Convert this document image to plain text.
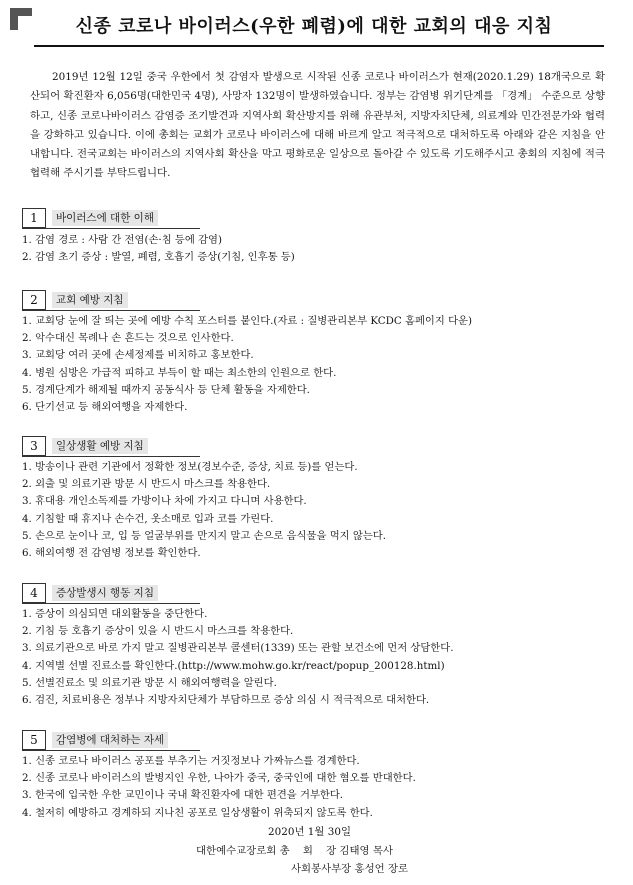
신종 코로나 바이러스(우한 폐렴)에 대한 교회의 대응 지침
2019년 12월 12일 중국 우한에서 첫 감염자 발생으로 시작된 신종 코로나 바이러스가 현재(2020.1.29) 18개국으로 확산되어 확진환자 6,056명(대한민국 4명), 사망자 132명이 발생하였습니다. 정부는 감염병 위기단계를 「경계」 수준으로 상향하고, 신종 코로나바이러스 감염증 조기발견과 지역사회 확산방지를 위해 유관부처, 지방자치단체, 의료계와 민간전문가와 협력을 강화하고 있습니다. 이에 총회는 교회가 코로나 바이러스에 대해 바르게 알고 적극적으로 대처하도록 아래와 같은 지침을 안내합니다. 전국교회는 바이러스의 지역사회 확산을 막고 평화로운 일상으로 돌아갈 수 있도록 기도해주시고 총회의 지침에 적극 협력해 주시기를 부탁드립니다.
1	바이러스에 대한 이해
1. 감염 경로 : 사람 간 전염(손·침 등에 감염)
2. 감염 초기 증상 : 발열, 폐렴, 호흡기 증상(기침, 인후통 등)
2	교회 예방 지침
1. 교회당 눈에 잘 띄는 곳에 예방 수칙 포스터를 붙인다.(자료 : 질병관리본부 KCDC 홈페이지 다운)
2. 악수대신 목례나 손 흔드는 것으로 인사한다.
3. 교회당 여러 곳에 손세정제를 비치하고 홍보한다.
4. 병원 심방은 가급적 피하고 부득이 할 때는 최소한의 인원으로 한다.
5. 경계단계가 해제될 때까지 공동식사 등 단체 활동을 자제한다.
6. 단기선교 등 해외여행을 자제한다.
3	일상생활 예방 지침
1. 방송이나 관련 기관에서 정확한 정보(경보수준, 증상, 치료 등)를 얻는다.
2. 외출 및 의료기관 방문 시 반드시 마스크를 착용한다.
3. 휴대용 개인소독제를 가방이나 차에 가지고 다니며 사용한다.
4. 기침할 때 휴지나 손수건, 옷소매로 입과 코를 가린다.
5. 손으로 눈이나 코, 입 등 얼굴부위를 만지지 말고 손으로 음식물을 먹지 않는다.
6. 해외여행 전 감염병 정보를 확인한다.
4	증상발생시 행동 지침
1. 증상이 의심되면 대외활동을 중단한다.
2. 기침 등 호흡기 증상이 있을 시 반드시 마스크를 착용한다.
3. 의료기관으로 바로 가지 말고 질병관리본부 콜센터(1339) 또는 관할 보건소에 먼저 상담한다.
4. 지역별 선별 진료소를 확인한다.(http://www.mohw.go.kr/react/popup_200128.html)
5. 선별진료소 및 의료기관 방문 시 해외여행력을 알린다.
6. 검진, 치료비용은 정부나 지방자치단체가 부담하므로 증상 의심 시 적극적으로 대처한다.
5	감염병에 대처하는 자세
1. 신종 코로나 바이러스 공포를 부추기는 거짓정보나 가짜뉴스를 경계한다.
2. 신종 코로나 바이러스의 발병지인 우한, 나아가 중국, 중국인에 대한 혐오를 반대한다.
3. 한국에 입국한 우한 교민이나 국내 확진환자에 대한 편견을 거부한다.
4. 철저히 예방하고 경계하되 지나친 공포로 일상생활이 위축되지 않도록 한다.
2020년 1월 30일
대한예수교장로회 총    회    장 김태영 목사
사회봉사부장 홍성언 장로
